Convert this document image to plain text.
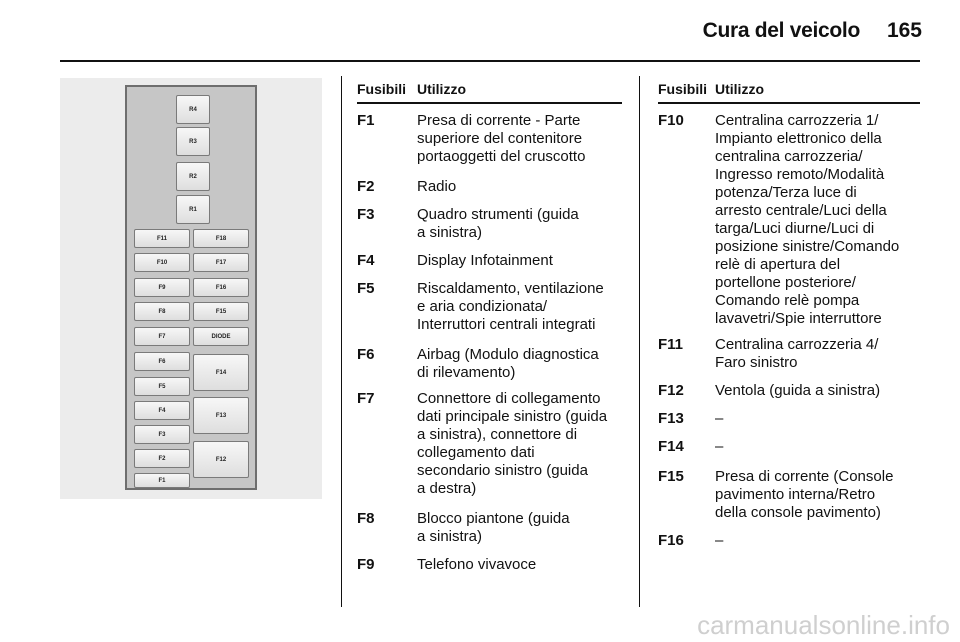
Cura del veicolo	165
R4
R3
R2
R1
F11
F10
F9
F8
F7
F6
F5
F4
F3
F2
F1
F18
F17
F16
F15
DIODE
F14
F13
F12
Fusibili Utilizzo
F1	Presa di corrente - Parte
superiore del contenitore
portaoggetti del cruscotto
F2	Radio
F3	Quadro strumenti (guida
a sinistra)
F4	Display Infotainment
F5	Riscaldamento, ventilazione
e aria condizionata/
Interruttori centrali integrati
F6	Airbag (Modulo diagnostica
di rilevamento)
F7	Connettore di collegamento
dati principale sinistro (guida
a sinistra), connettore di
collegamento dati
secondario sinistro (guida
a destra)
F8	Blocco piantone (guida
a sinistra)
F9	Telefono vivavoce
Fusibili Utilizzo
F10 Centralina carrozzeria 1/
Impianto elettronico della
centralina carrozzeria/
Ingresso remoto/Modalità
potenza/Terza luce di
arresto centrale/Luci della
targa/Luci diurne/Luci di
posizione sinistre/Comando
relè di apertura del
portellone posteriore/
Comando relè pompa
lavavetri/Spie interruttore
F11 Centralina carrozzeria 4/
Faro sinistro
F12 Ventola (guida a sinistra)
F13 –
F14 –
F15 Presa di corrente (Console
pavimento interna/Retro
della console pavimento)
F16 –
carmanualsonline.info
